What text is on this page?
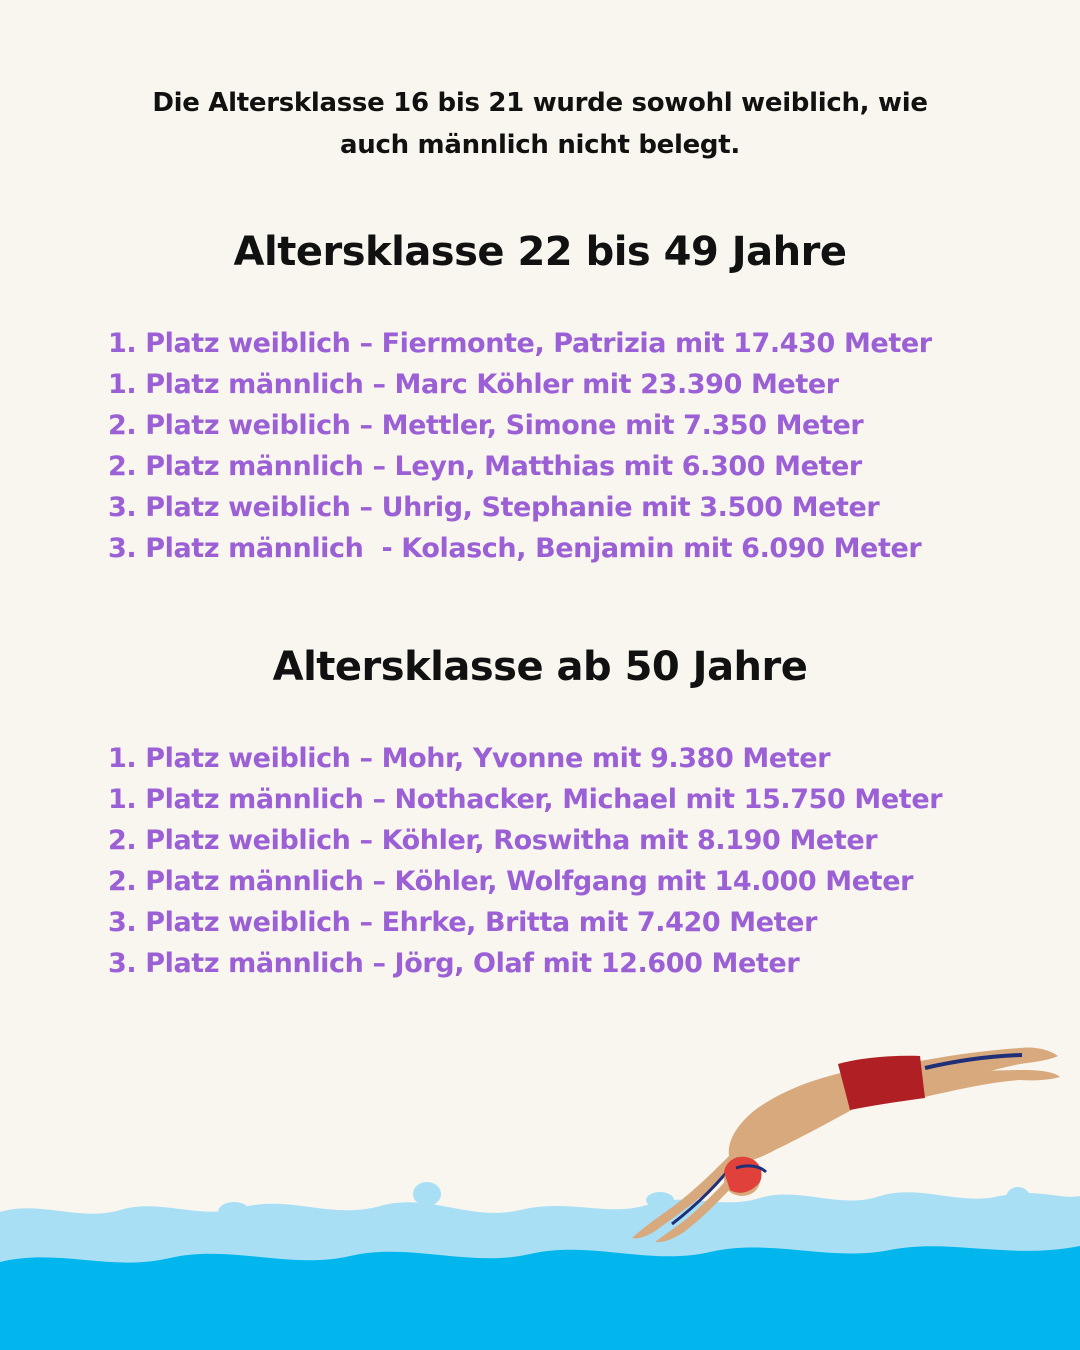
Die Altersklasse 16 bis 21 wurde sowohl weiblich, wie
auch männlich nicht belegt.
Altersklasse 22 bis 49 Jahre
1. Platz weiblich – Fiermonte, Patrizia mit 17.430 Meter
1. Platz männlich – Marc Köhler mit 23.390 Meter
2. Platz weiblich – Mettler, Simone mit 7.350 Meter
2. Platz männlich – Leyn, Matthias mit 6.300 Meter
3. Platz weiblich – Uhrig, Stephanie mit 3.500 Meter
3. Platz männlich  - Kolasch, Benjamin mit 6.090 Meter
Altersklasse ab 50 Jahre
1. Platz weiblich – Mohr, Yvonne mit 9.380 Meter
1. Platz männlich – Nothacker, Michael mit 15.750 Meter
2. Platz weiblich – Köhler, Roswitha mit 8.190 Meter
2. Platz männlich – Köhler, Wolfgang mit 14.000 Meter
3. Platz weiblich – Ehrke, Britta mit 7.420 Meter
3. Platz männlich – Jörg, Olaf mit 12.600 Meter
